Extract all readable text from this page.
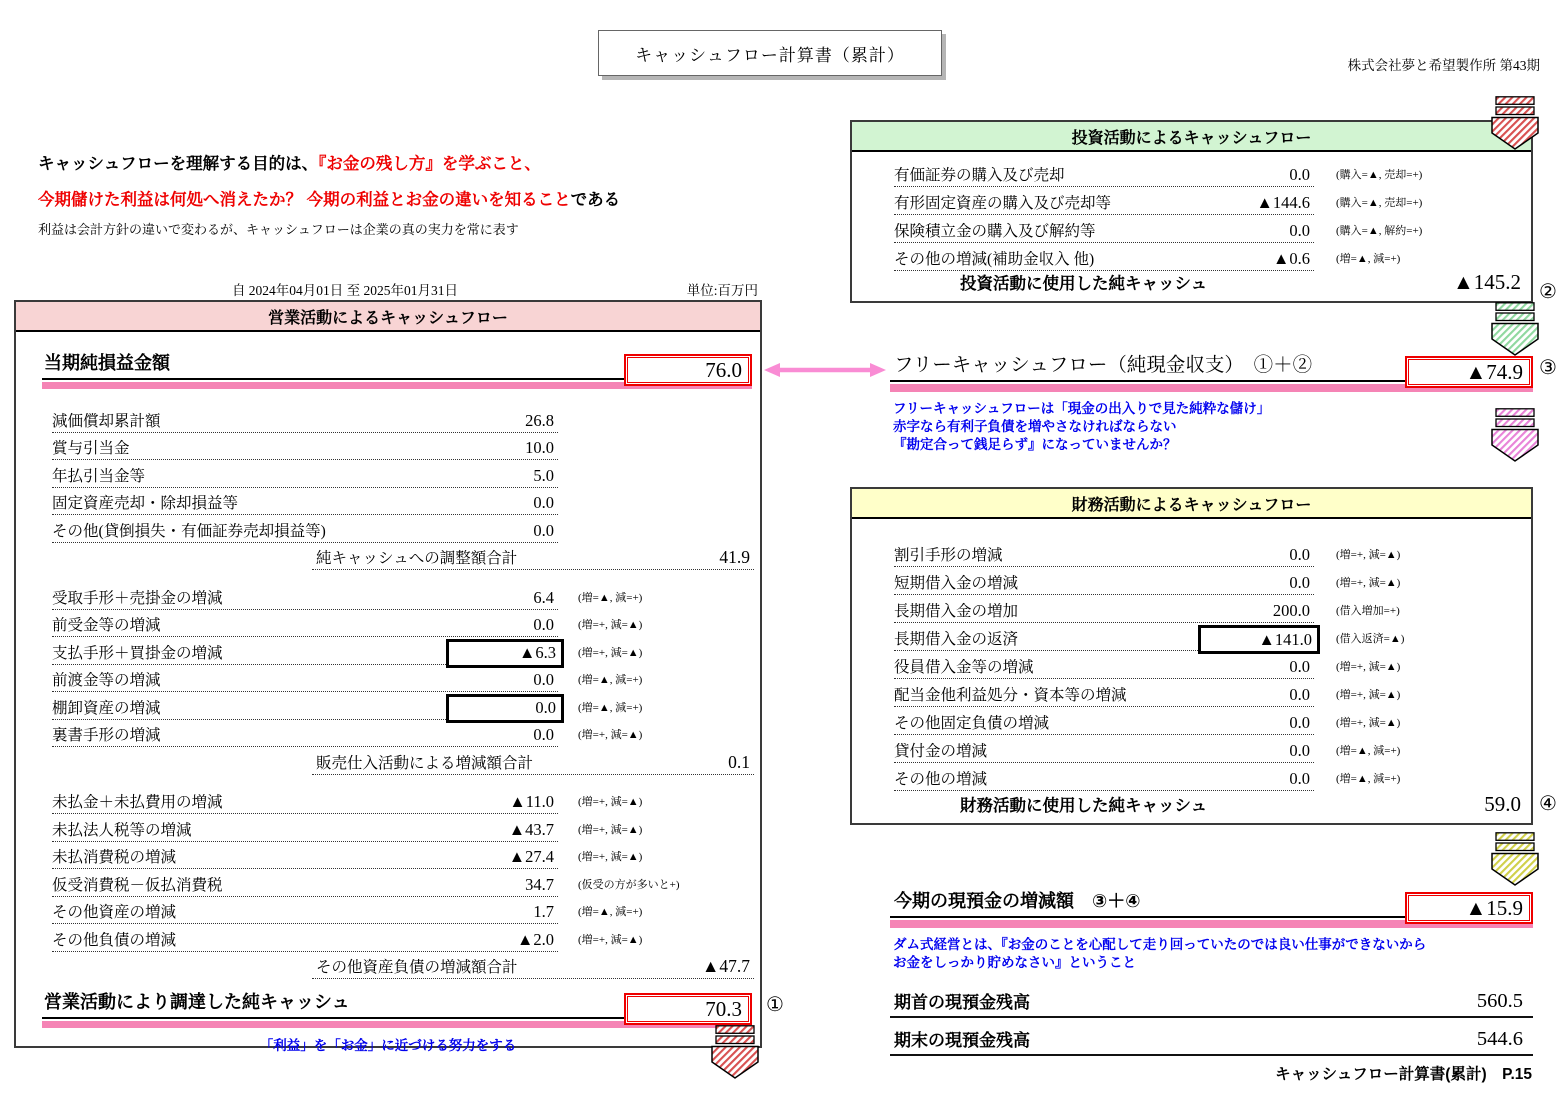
キャッシュフロー計算書（累計）
株式会社夢と希望製作所 第43期
キャッシュフローを理解する目的は、『お金の残し方』を学ぶこと、
今期儲けた利益は何処へ消えたか？ 今期の利益とお金の違いを知ることである
利益は会計方針の違いで変わるが、キャッシュフローは企業の真の実力を常に表す
自 2024年04月01日 至 2025年01月31日	単位:百万円
営業活動によるキャッシュフロー
当期純損益金額	76.0
減価償却累計額	26.8
賞与引当金	10.0
年払引当金等	5.0
固定資産売却・除却損益等	0.0
その他(貸倒損失・有価証券売却損益等)	0.0
純キャッシュへの調整額合計	41.9
受取手形＋売掛金の増減	6.4	(増=▲, 減=+)
前受金等の増減	0.0	(増=+, 減=▲)
支払手形＋買掛金の増減	▲6.3	(増=+, 減=▲)
前渡金等の増減	0.0	(増=▲, 減=+)
棚卸資産の増減	0.0	(増=▲, 減=+)
裏書手形の増減	0.0	(増=+, 減=▲)
販売仕入活動による増減額合計	0.1
未払金＋未払費用の増減	▲11.0	(増=+, 減=▲)
未払法人税等の増減	▲43.7	(増=+, 減=▲)
未払消費税の増減	▲27.4	(増=+, 減=▲)
仮受消費税－仮払消費税	34.7	(仮受の方が多いと+)
その他資産の増減	1.7	(増=▲, 減=+)
その他負債の増減	▲2.0	(増=+, 減=▲)
その他資産負債の増減額合計	▲47.7
営業活動により調達した純キャッシュ	70.3
「利益」を「お金」に近づける努力をする
①
投資活動によるキャッシュフロー
有価証券の購入及び売却	0.0	(購入=▲, 売却=+)
有形固定資産の購入及び売却等	▲144.6	(購入=▲, 売却=+)
保険積立金の購入及び解約等	0.0	(購入=▲, 解約=+)
その他の増減(補助金収入 他)	▲0.6	(増=▲, 減=+)
投資活動に使用した純キャッシュ	▲145.2 ②
フリーキャッシュフロー（純現金収支）　①＋②	▲74.9 ③
フリーキャッシュフローは「現金の出入りで見た純粋な儲け」
赤字なら有利子負債を増やさなければならない
『勘定合って銭足らず』になっていませんか？
財務活動によるキャッシュフロー
割引手形の増減	0.0	(増=+, 減=▲)
短期借入金の増減	0.0	(増=+, 減=▲)
長期借入金の増加	200.0	(借入増加=+)
長期借入金の返済	▲141.0	(借入返済=▲)
役員借入金等の増減	0.0	(増=+, 減=▲)
配当金他利益処分・資本等の増減	0.0	(増=+, 減=▲)
その他固定負債の増減	0.0	(増=+, 減=▲)
貸付金の増減	0.0	(増=▲, 減=+)
その他の増減	0.0	(増=▲, 減=+)
財務活動に使用した純キャッシュ	59.0 ④
今期の現預金の増減額　③＋④	▲15.9
ダム式経営とは、『お金のことを心配して走り回っていたのでは良い仕事ができないから
お金をしっかり貯めなさい』ということ
期首の現預金残高	560.5
期末の現預金残高	544.6
キャッシュフロー計算書(累計)　P.15
